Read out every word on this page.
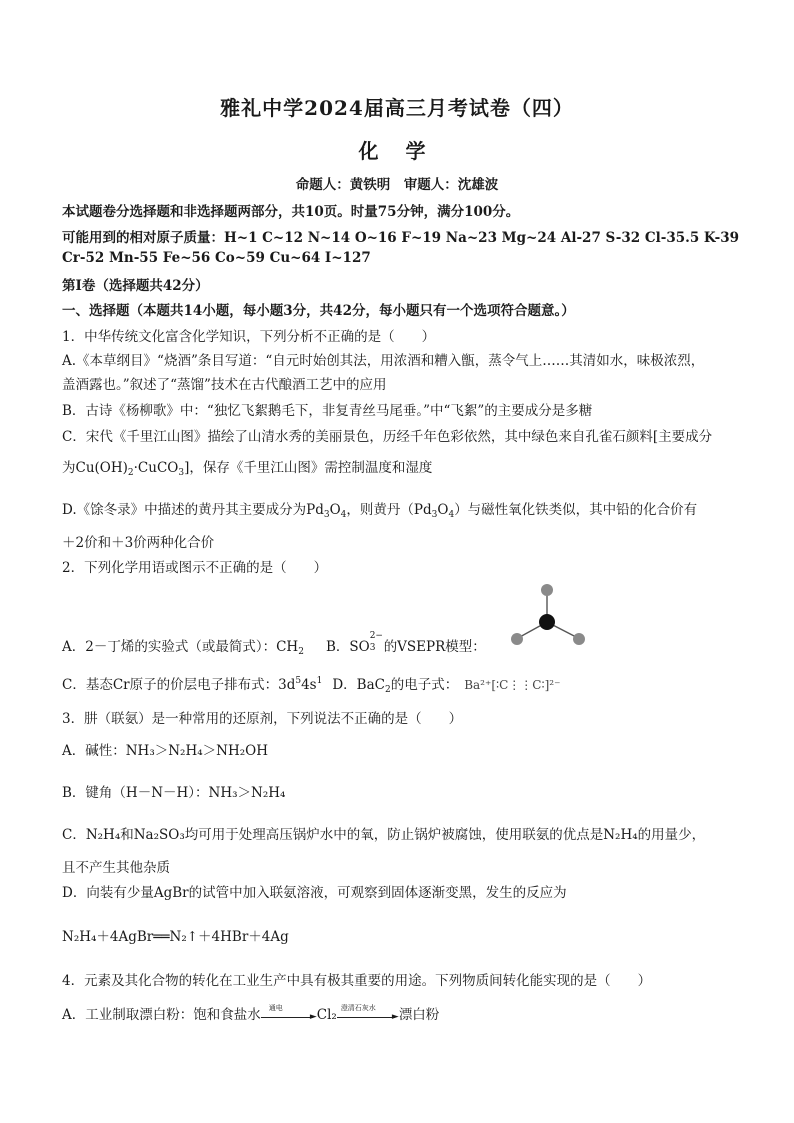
雅礼中学2024届高三月考试卷（四）
化 学
命题人：黄铁明　审题人：沈雄波
本试题卷分选择题和非选择题两部分，共10页。时量75分钟，满分100分。
可能用到的相对原子质量：H~1 C~12 N~14 O~16 F~19 Na~23 Mg~24 Al-27 S-32 Cl-35.5 K-39
Cr-52 Mn-55 Fe~56 Co~59 Cu~64 I~127
第Ⅰ卷（选择题共42分）
一、选择题（本题共14小题，每小题3分，共42分，每小题只有一个选项符合题意。）
1．中华传统文化富含化学知识，下列分析不正确的是（　　）
A.《本草纲目》“烧酒”条目写道：“自元时始创其法，用浓酒和糟入甑，蒸令气上……其清如水，味极浓烈，
盖酒露也。”叙述了“蒸馏”技术在古代酿酒工艺中的应用
B．古诗《杨柳歌》中：“独忆飞絮鹅毛下，非复青丝马尾垂。”中“飞絮”的主要成分是多糖
C．宋代《千里江山图》描绘了山清水秀的美丽景色，历经千年色彩依然，其中绿色来自孔雀石颜料[主要成分
为$Cu(OH)_2\cdot CuCO_3$]，保存《千里江山图》需控制温度和湿度
D.《馀冬录》中描述的黄丹其主要成分为$Pd_3O_4$，则黄丹$(Pd_3O_4)$与磁性氧化铁类似，其中铅的化合价有
＋2价和＋3价两种化合价
2．下列化学用语或图示不正确的是（　　）
A．2－丁烯的实验式（或最简式）：$CH_2$ B．SO
2−
3 的VSEPR模型：
C．基态Cr原子的价层电子排布式：$3d^54s^1$ D．BaC$_2$的电子式： Ba²⁺[∶C⋮⋮C∶]²⁻
3．肼（联氨）是一种常用的还原剂，下列说法不正确的是（　　）
A．碱性：NH₃＞N₂H₄＞NH₂OH
B．键角（H－N－H）：NH₃＞N₂H₄
C．N₂H₄和Na₂SO₃均可用于处理高压锅炉水中的氧，防止锅炉被腐蚀，使用联氨的优点是N₂H₄的用量少，
且不产生其他杂质
D．向装有少量AgBr的试管中加入联氨溶液，可观察到固体逐渐变黑，发生的反应为
N₂H₄＋4AgBr══N₂↑＋4HBr＋4Ag
4．元素及其化合物的转化在工业生产中具有极其重要的用途。下列物质间转化能实现的是（　　）
A．工业制取漂白粉：饱和食盐水 通电
► Cl₂ 澄清石灰水
► 漂白粉
